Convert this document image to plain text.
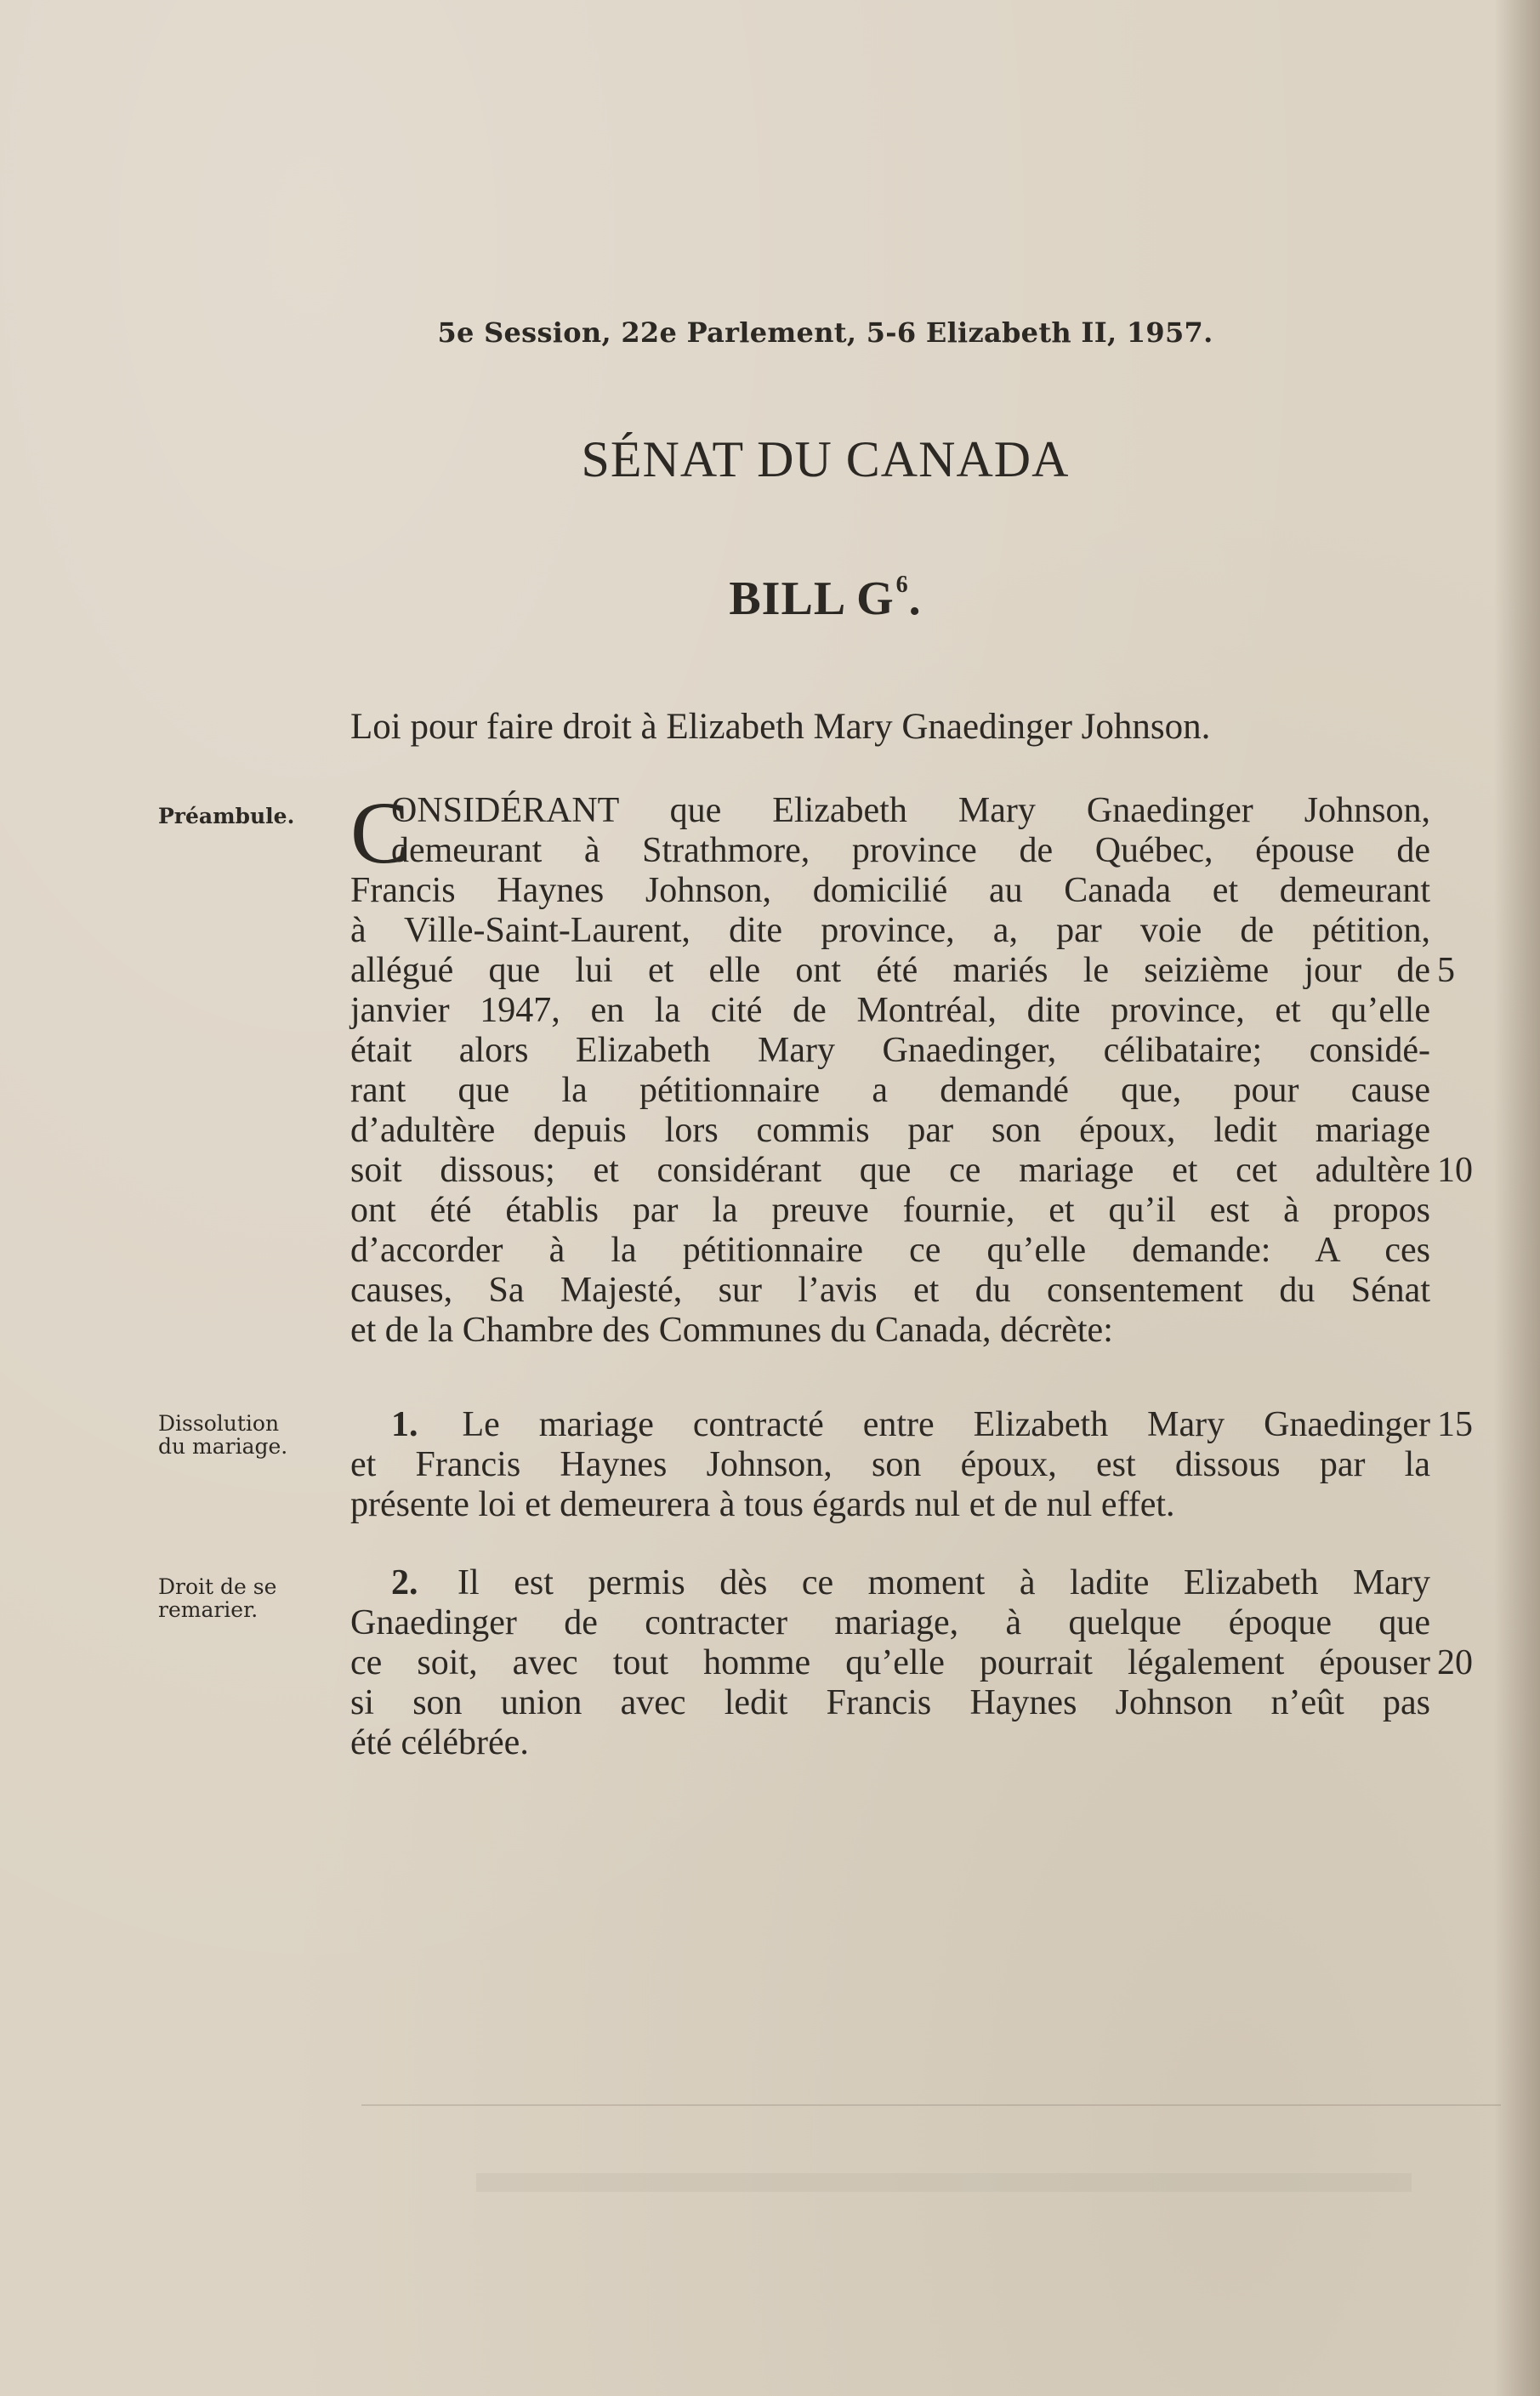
5e Session, 22e Parlement, 5-6 Elizabeth II, 1957.
SÉNAT DU CANADA
BILL $G^6$.
Loi pour faire droit à Elizabeth Mary Gnaedinger Johnson.
Préambule.
Dissolution
du mariage.
Droit de se
remarier.
C
ONSIDÉRANT que Elizabeth Mary Gnaedinger Johnson,
demeurant à Strathmore, province de Québec, épouse de
Francis Haynes Johnson, domicilié au Canada et demeurant
à Ville-Saint-Laurent, dite province, a, par voie de pétition,
allégué que lui et elle ont été mariés le seizième jour de
janvier 1947, en la cité de Montréal, dite province, et qu’elle
était alors Elizabeth Mary Gnaedinger, célibataire; considé-
rant que la pétitionnaire a demandé que, pour cause
d’adultère depuis lors commis par son époux, ledit mariage
soit dissous; et considérant que ce mariage et cet adultère
ont été établis par la preuve fournie, et qu’il est à propos
d’accorder à la pétitionnaire ce qu’elle demande: A ces
causes, Sa Majesté, sur l’avis et du consentement du Sénat
et de la Chambre des Communes du Canada, décrète:
1. Le mariage contracté entre Elizabeth Mary Gnaedinger
et Francis Haynes Johnson, son époux, est dissous par la
présente loi et demeurera à tous égards nul et de nul effet.
2. Il est permis dès ce moment à ladite Elizabeth Mary
Gnaedinger de contracter mariage, à quelque époque que
ce soit, avec tout homme qu’elle pourrait légalement épouser
si son union avec ledit Francis Haynes Johnson n’eût pas
été célébrée.
5
10
15
20
